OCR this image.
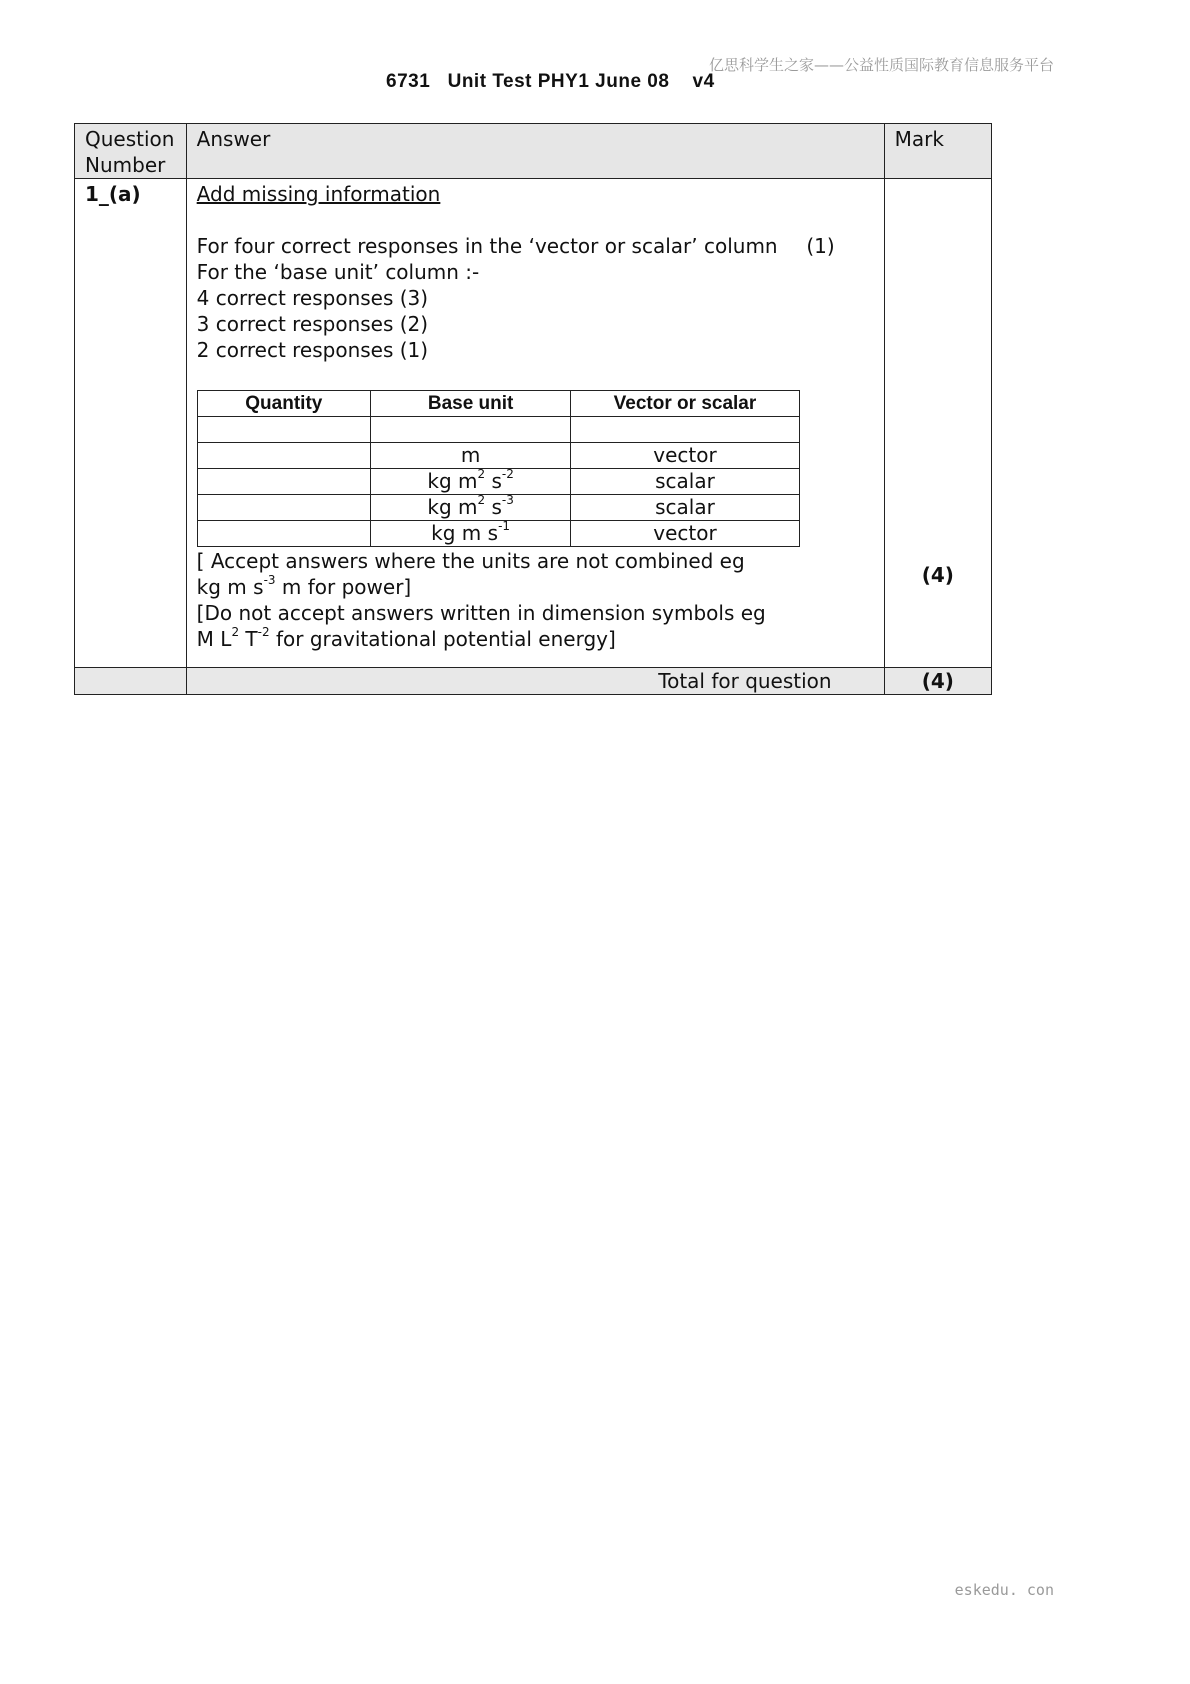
亿思科学生之家——公益性质国际教育信息服务平台
6731   Unit Test PHY1 June 08    v4
Question Number	Answer	Mark
1_(a)	Add missing information
For four correct responses in the ‘vector or scalar’ column (1)
For the ‘base unit’ column :-
4 correct responses (3)
3 correct responses (2)
2 correct responses (1)
Quantity	Base unit	Vector or scalar

	m	vector
	kg $m^2$ $s^{-2}$	scalar
	kg $m^2$ $s^{-3}$	scalar
	kg m $s^{-1}$	vector
[ Accept answers where the units are not combined eg
kg m $s^{-3}$ m for power]
[Do not accept answers written in dimension symbols eg
M $L^2$ $T^{-2}$ for gravitational potential energy]

(4)

	Total for question	(4)
eskedu. con
